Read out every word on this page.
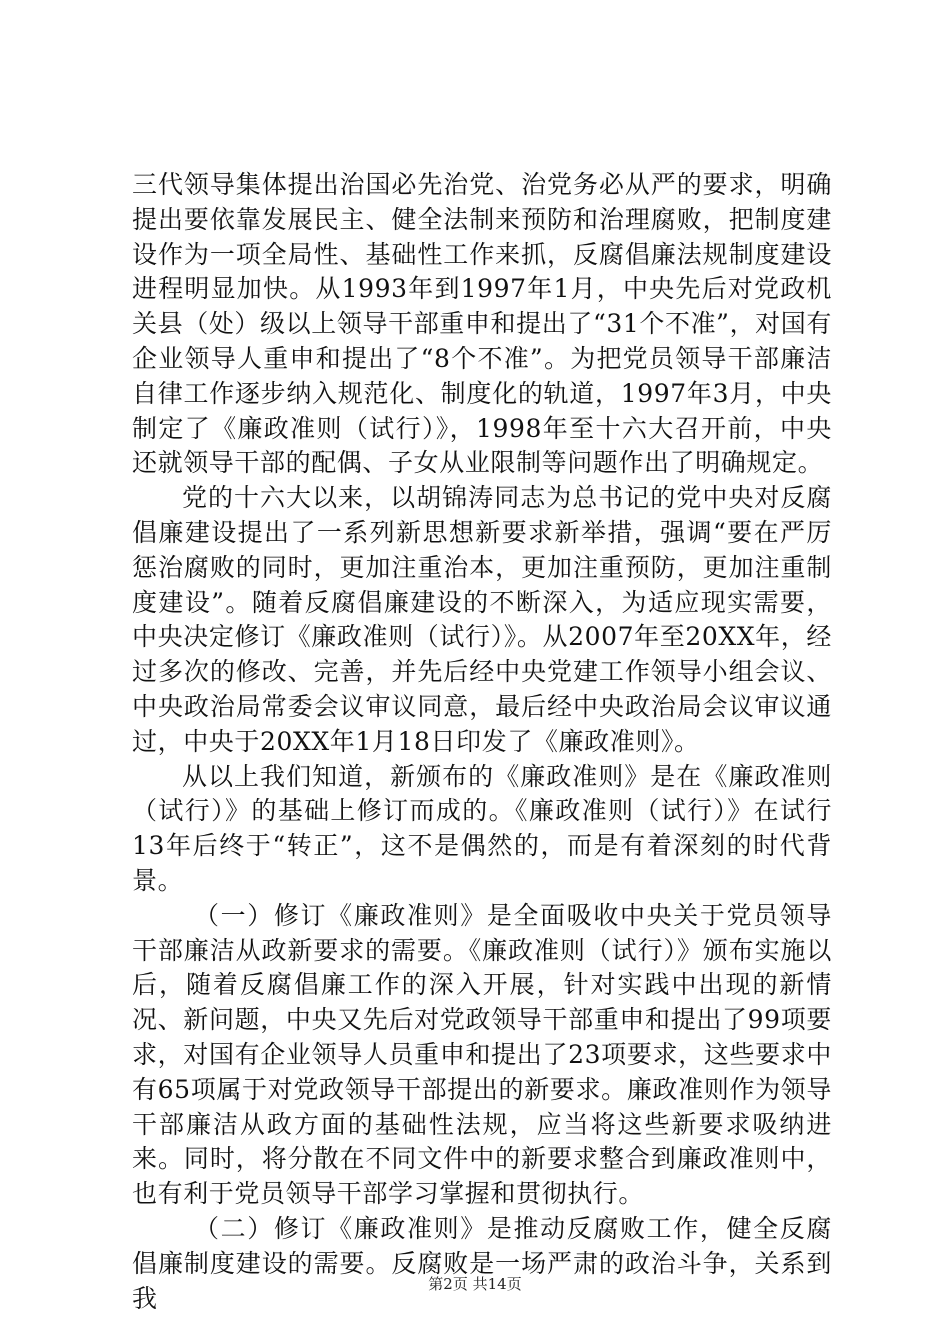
三代领导集体提出治国必先治党、治党务必从严的要求，明确提出要依靠发展民主、健全法制来预防和治理腐败，把制度建设作为一项全局性、基础性工作来抓，反腐倡廉法规制度建设进程明显加快。从1993年到1997年1月，中央先后对党政机关县（处）级以上领导干部重申和提出了“31个不准”，对国有企业领导人重申和提出了“8个不准”。为把党员领导干部廉洁自律工作逐步纳入规范化、制度化的轨道，1997年3月，中央制定了《廉政准则（试行）》，1998年至十六大召开前，中央还就领导干部的配偶、子女从业限制等问题作出了明确规定。

党的十六大以来，以胡锦涛同志为总书记的党中央对反腐倡廉建设提出了一系列新思想新要求新举措，强调“要在严厉惩治腐败的同时，更加注重治本，更加注重预防，更加注重制度建设”。随着反腐倡廉建设的不断深入，为适应现实需要，中央决定修订《廉政准则（试行）》。从2007年至20XX年，经过多次的修改、完善，并先后经中央党建工作领导小组会议、中央政治局常委会议审议同意，最后经中央政治局会议审议通过，中央于20XX年1月18日印发了《廉政准则》。

从以上我们知道，新颁布的《廉政准则》是在《廉政准则（试行）》的基础上修订而成的。《廉政准则（试行）》在试行13年后终于“转正”，这不是偶然的，而是有着深刻的时代背景。

（一）修订《廉政准则》是全面吸收中央关于党员领导干部廉洁从政新要求的需要。《廉政准则（试行）》颁布实施以后，随着反腐倡廉工作的深入开展，针对实践中出现的新情况、新问题，中央又先后对党政领导干部重申和提出了99项要求，对国有企业领导人员重申和提出了23项要求，这些要求中有65项属于对党政领导干部提出的新要求。廉政准则作为领导干部廉洁从政方面的基础性法规，应当将这些新要求吸纳进来。同时，将分散在不同文件中的新要求整合到廉政准则中，也有利于党员领导干部学习掌握和贯彻执行。

（二）修订《廉政准则》是推动反腐败工作，健全反腐倡廉制度建设的需要。反腐败是一场严肃的政治斗争，关系到我	第2页 共14页
